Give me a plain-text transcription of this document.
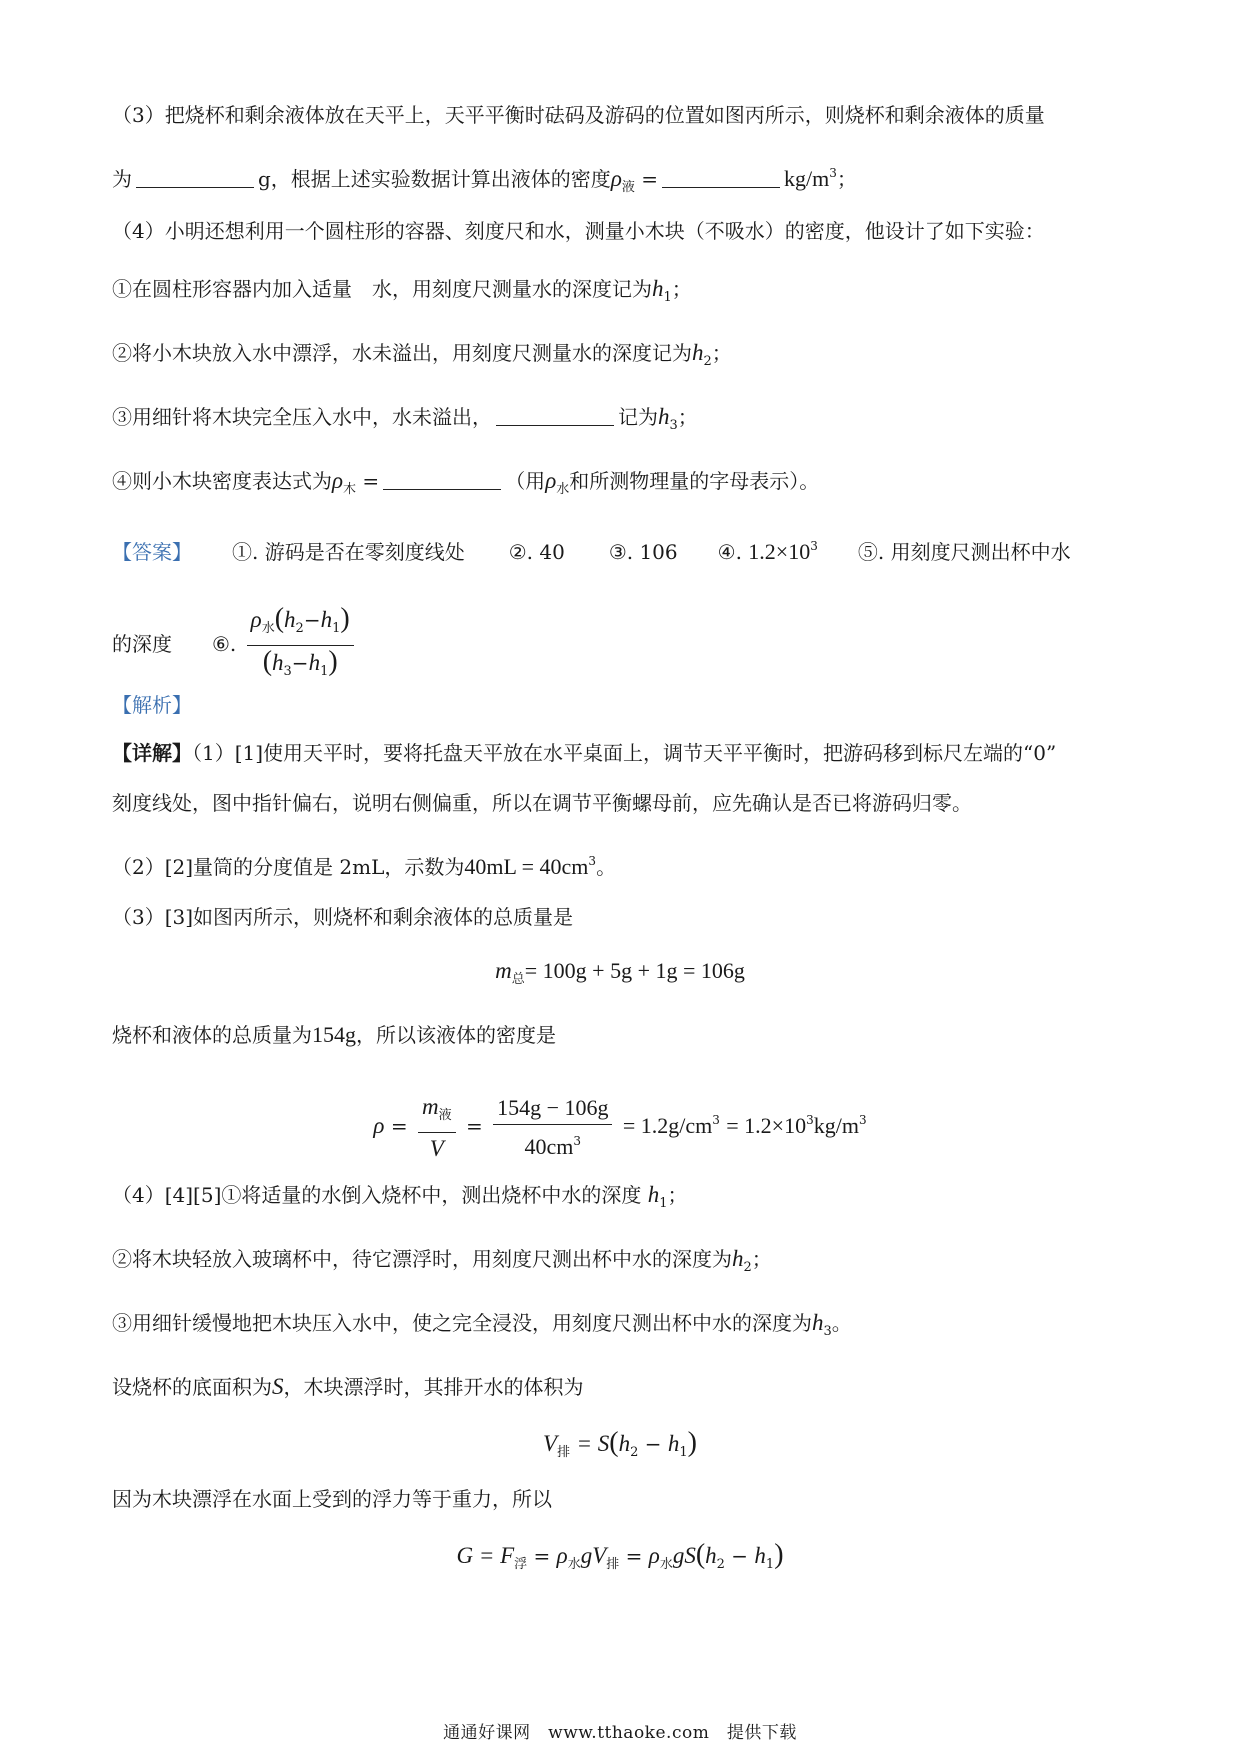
（3）把烧杯和剩余液体放在天平上，天平平衡时砝码及游码的位置如图丙所示，则烧杯和剩余液体的质量
为	g，根据上述实验数据计算出液体的密度$\rho_液$ =	$kg/m^3$；
（4）小明还想利用一个圆柱形的容器、刻度尺和水，测量小木块（不吸水）的密度，他设计了如下实验：
①在圆柱形容器内加入适量　水，用刻度尺测量水的深度记为$h_1$；
②将小木块放入水中漂浮，水未溢出，用刻度尺测量水的深度记为$h_2$；
③用细针将木块完全压入水中，水未溢出，	记为$h_3$；
④则小木块密度表达式为$\rho_木$ =	（用$\rho_水$和所测物理量的字母表示）。
【答案】 ①. 游码是否在零刻度线处 ②. 40 ③. 106 ④. $1.2\times 10^3$ ⑤. 用刻度尺测出杯中水
的深度 ⑥. $\frac{\rho_水(h_2-h_1)}{(h_3-h_1)}$
【解析】
【详解】（1）[1]使用天平时，要将托盘天平放在水平桌面上，调节天平平衡时，把游码移到标尺左端的“0”
刻度线处，图中指针偏右，说明右侧偏重，所以在调节平衡螺母前，应先确认是否已将游码归零。
（2）[2]量筒的分度值是 2mL，示数为$40mL = 40cm^3$。
（3）[3]如图丙所示，则烧杯和剩余液体的总质量是
$m_总= 100g + 5g + 1g = 106g$
烧杯和液体的总质量为154g，所以该液体的密度是
$\rho = \frac{m_液}{V} = \frac{154g - 106g}{40cm^3} = 1.2g/cm^3 = 1.2\times 10^3kg/m^3$
（4）[4][5]①将适量的水倒入烧杯中，测出烧杯中水的深度 $h_1$；
②将木块轻放入玻璃杯中，待它漂浮时，用刻度尺测出杯中水的深度为$h_2$；
③用细针缓慢地把木块压入水中，使之完全浸没，用刻度尺测出杯中水的深度为$h_3$。
设烧杯的底面积为S，木块漂浮时，其排开水的体积为
$V_排 = S(h_2 - h_1)$
因为木块漂浮在水面上受到的浮力等于重力，所以
$G = F_浮 = \rho_水gV_排 = \rho_水gS(h_2 - h_1)$
通通好课网　www.tthaoke.com　提供下载
